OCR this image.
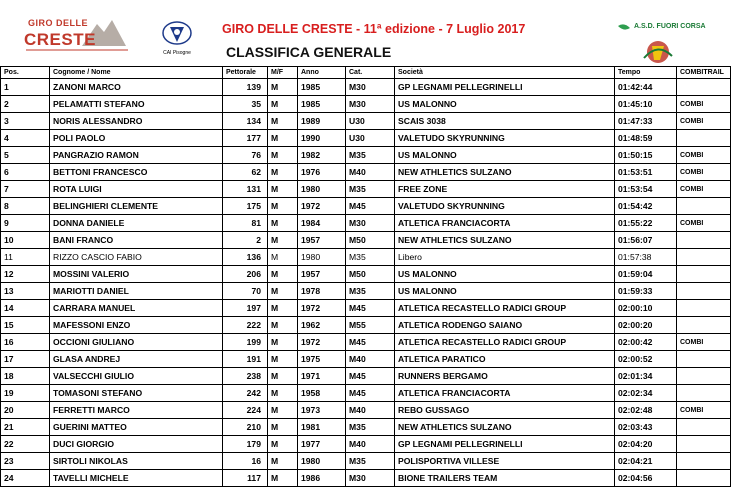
GIRO DELLE
CRESTE
CAI Pisogne
GIRO DELLE CRESTE - 11ª edizione - 7 Luglio 2017
CLASSIFICA GENERALE
A.S.D. FUORI CORSA
Pos.	Cognome / Nome	Pettorale	M/F	Anno	Cat.	Società	Tempo	COMBITRAIL
1	ZANONI MARCO	139	M	1985	M30	GP LEGNAMI PELLEGRINELLI	01:42:44	
2	PELAMATTI STEFANO	35	M	1985	M30	US MALONNO	01:45:10	COMBI
3	NORIS ALESSANDRO	134	M	1989	U30	SCAIS 3038	01:47:33	COMBI
4	POLI PAOLO	177	M	1990	U30	VALETUDO SKYRUNNING	01:48:59	
5	PANGRAZIO RAMON	76	M	1982	M35	US MALONNO	01:50:15	COMBI
6	BETTONI FRANCESCO	62	M	1976	M40	NEW ATHLETICS SULZANO	01:53:51	COMBI
7	ROTA LUIGI	131	M	1980	M35	FREE ZONE	01:53:54	COMBI
8	BELINGHIERI CLEMENTE	175	M	1972	M45	VALETUDO SKYRUNNING	01:54:42	
9	DONNA DANIELE	81	M	1984	M30	ATLETICA FRANCIACORTA	01:55:22	COMBI
10	BANI FRANCO	2	M	1957	M50	NEW ATHLETICS SULZANO	01:56:07	
11	RIZZO CASCIO FABIO	136	M	1980	M35	Libero	01:57:38	
12	MOSSINI VALERIO	206	M	1957	M50	US MALONNO	01:59:04	
13	MARIOTTI DANIEL	70	M	1978	M35	US MALONNO	01:59:33	
14	CARRARA MANUEL	197	M	1972	M45	ATLETICA RECASTELLO RADICI GROUP	02:00:10	
15	MAFESSONI ENZO	222	M	1962	M55	ATLETICA RODENGO SAIANO	02:00:20	
16	OCCIONI GIULIANO	199	M	1972	M45	ATLETICA RECASTELLO RADICI GROUP	02:00:42	COMBI
17	GLASA ANDREJ	191	M	1975	M40	ATLETICA PARATICO	02:00:52	
18	VALSECCHI GIULIO	238	M	1971	M45	RUNNERS BERGAMO	02:01:34	
19	TOMASONI STEFANO	242	M	1958	M45	ATLETICA FRANCIACORTA	02:02:34	
20	FERRETTI MARCO	224	M	1973	M40	REBO GUSSAGO	02:02:48	COMBI
21	GUERINI MATTEO	210	M	1981	M35	NEW ATHLETICS SULZANO	02:03:43	
22	DUCI GIORGIO	179	M	1977	M40	GP LEGNAMI PELLEGRINELLI	02:04:20	
23	SIRTOLI NIKOLAS	16	M	1980	M35	POLISPORTIVA VILLESE	02:04:21	
24	TAVELLI MICHELE	117	M	1986	M30	BIONE TRAILERS TEAM	02:04:56	
